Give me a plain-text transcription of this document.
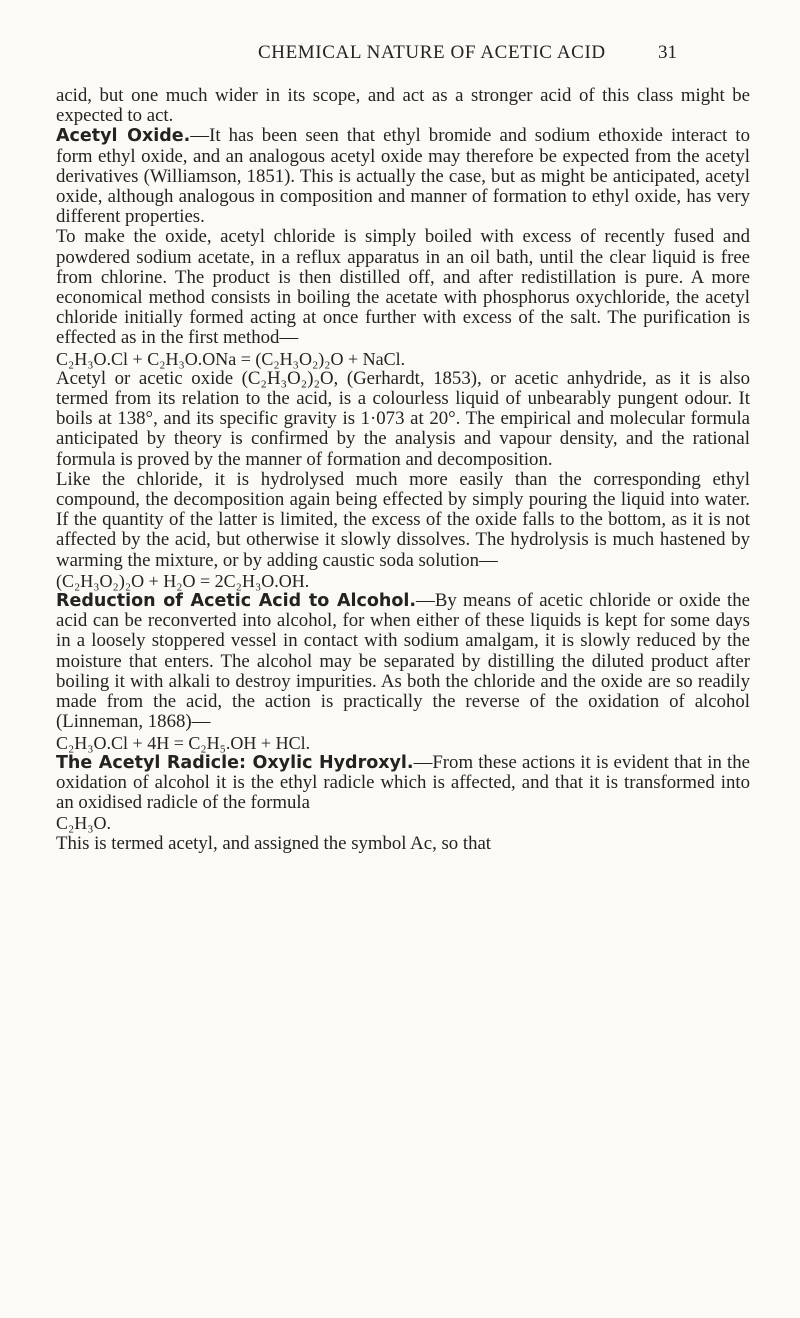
CHEMICAL NATURE OF ACETIC ACID	31

acid, but one much wider in its scope, and act as a stronger acid of this class might be expected to act.

Acetyl Oxide.—It has been seen that ethyl bromide and sodium ethoxide interact to form ethyl oxide, and an analogous acetyl oxide may therefore be expected from the acetyl derivatives (Williamson, 1851). This is actually the case, but as might be anticipated, acetyl oxide, although analogous in composition and manner of formation to ethyl oxide, has very different properties.

To make the oxide, acetyl chloride is simply boiled with excess of recently fused and powdered sodium acetate, in a reflux apparatus in an oil bath, until the clear liquid is free from chlorine. The product is then distilled off, and after redistillation is pure. A more economical method consists in boiling the acetate with phosphorus oxychloride, the acetyl chloride initially formed acting at once further with excess of the salt. The purification is effected as in the first method—

C₂H₃O.Cl + C₂H₃O.ONa = (C₂H₃O₂)₂O + NaCl.

Acetyl or acetic oxide (C₂H₃O₂)₂O, (Gerhardt, 1853), or acetic anhydride, as it is also termed from its relation to the acid, is a colourless liquid of unbearably pungent odour. It boils at 138°, and its specific gravity is 1·073 at 20°. The empirical and molecular formula anticipated by theory is confirmed by the analysis and vapour density, and the rational formula is proved by the manner of formation and decomposition.

Like the chloride, it is hydrolysed much more easily than the corresponding ethyl compound, the decomposition again being effected by simply pouring the liquid into water. If the quantity of the latter is limited, the excess of the oxide falls to the bottom, as it is not affected by the acid, but otherwise it slowly dissolves. The hydrolysis is much hastened by warming the mixture, or by adding caustic soda solution—

(C₂H₃O₂)₂O + H₂O = 2C₂H₃O.OH.

Reduction of Acetic Acid to Alcohol.—By means of acetic chloride or oxide the acid can be reconverted into alcohol, for when either of these liquids is kept for some days in a loosely stoppered vessel in contact with sodium amalgam, it is slowly reduced by the moisture that enters. The alcohol may be separated by distilling the diluted product after boiling it with alkali to destroy impurities. As both the chloride and the oxide are so readily made from the acid, the action is practically the reverse of the oxidation of alcohol (Linneman, 1868)—

C₂H₃O.Cl + 4H = C₂H₅.OH + HCl.

The Acetyl Radicle: Oxylic Hydroxyl.—From these actions it is evident that in the oxidation of alcohol it is the ethyl radicle which is affected, and that it is transformed into an oxidised radicle of the formula

C₂H₃O.

This is termed acetyl, and assigned the symbol Ac, so that
